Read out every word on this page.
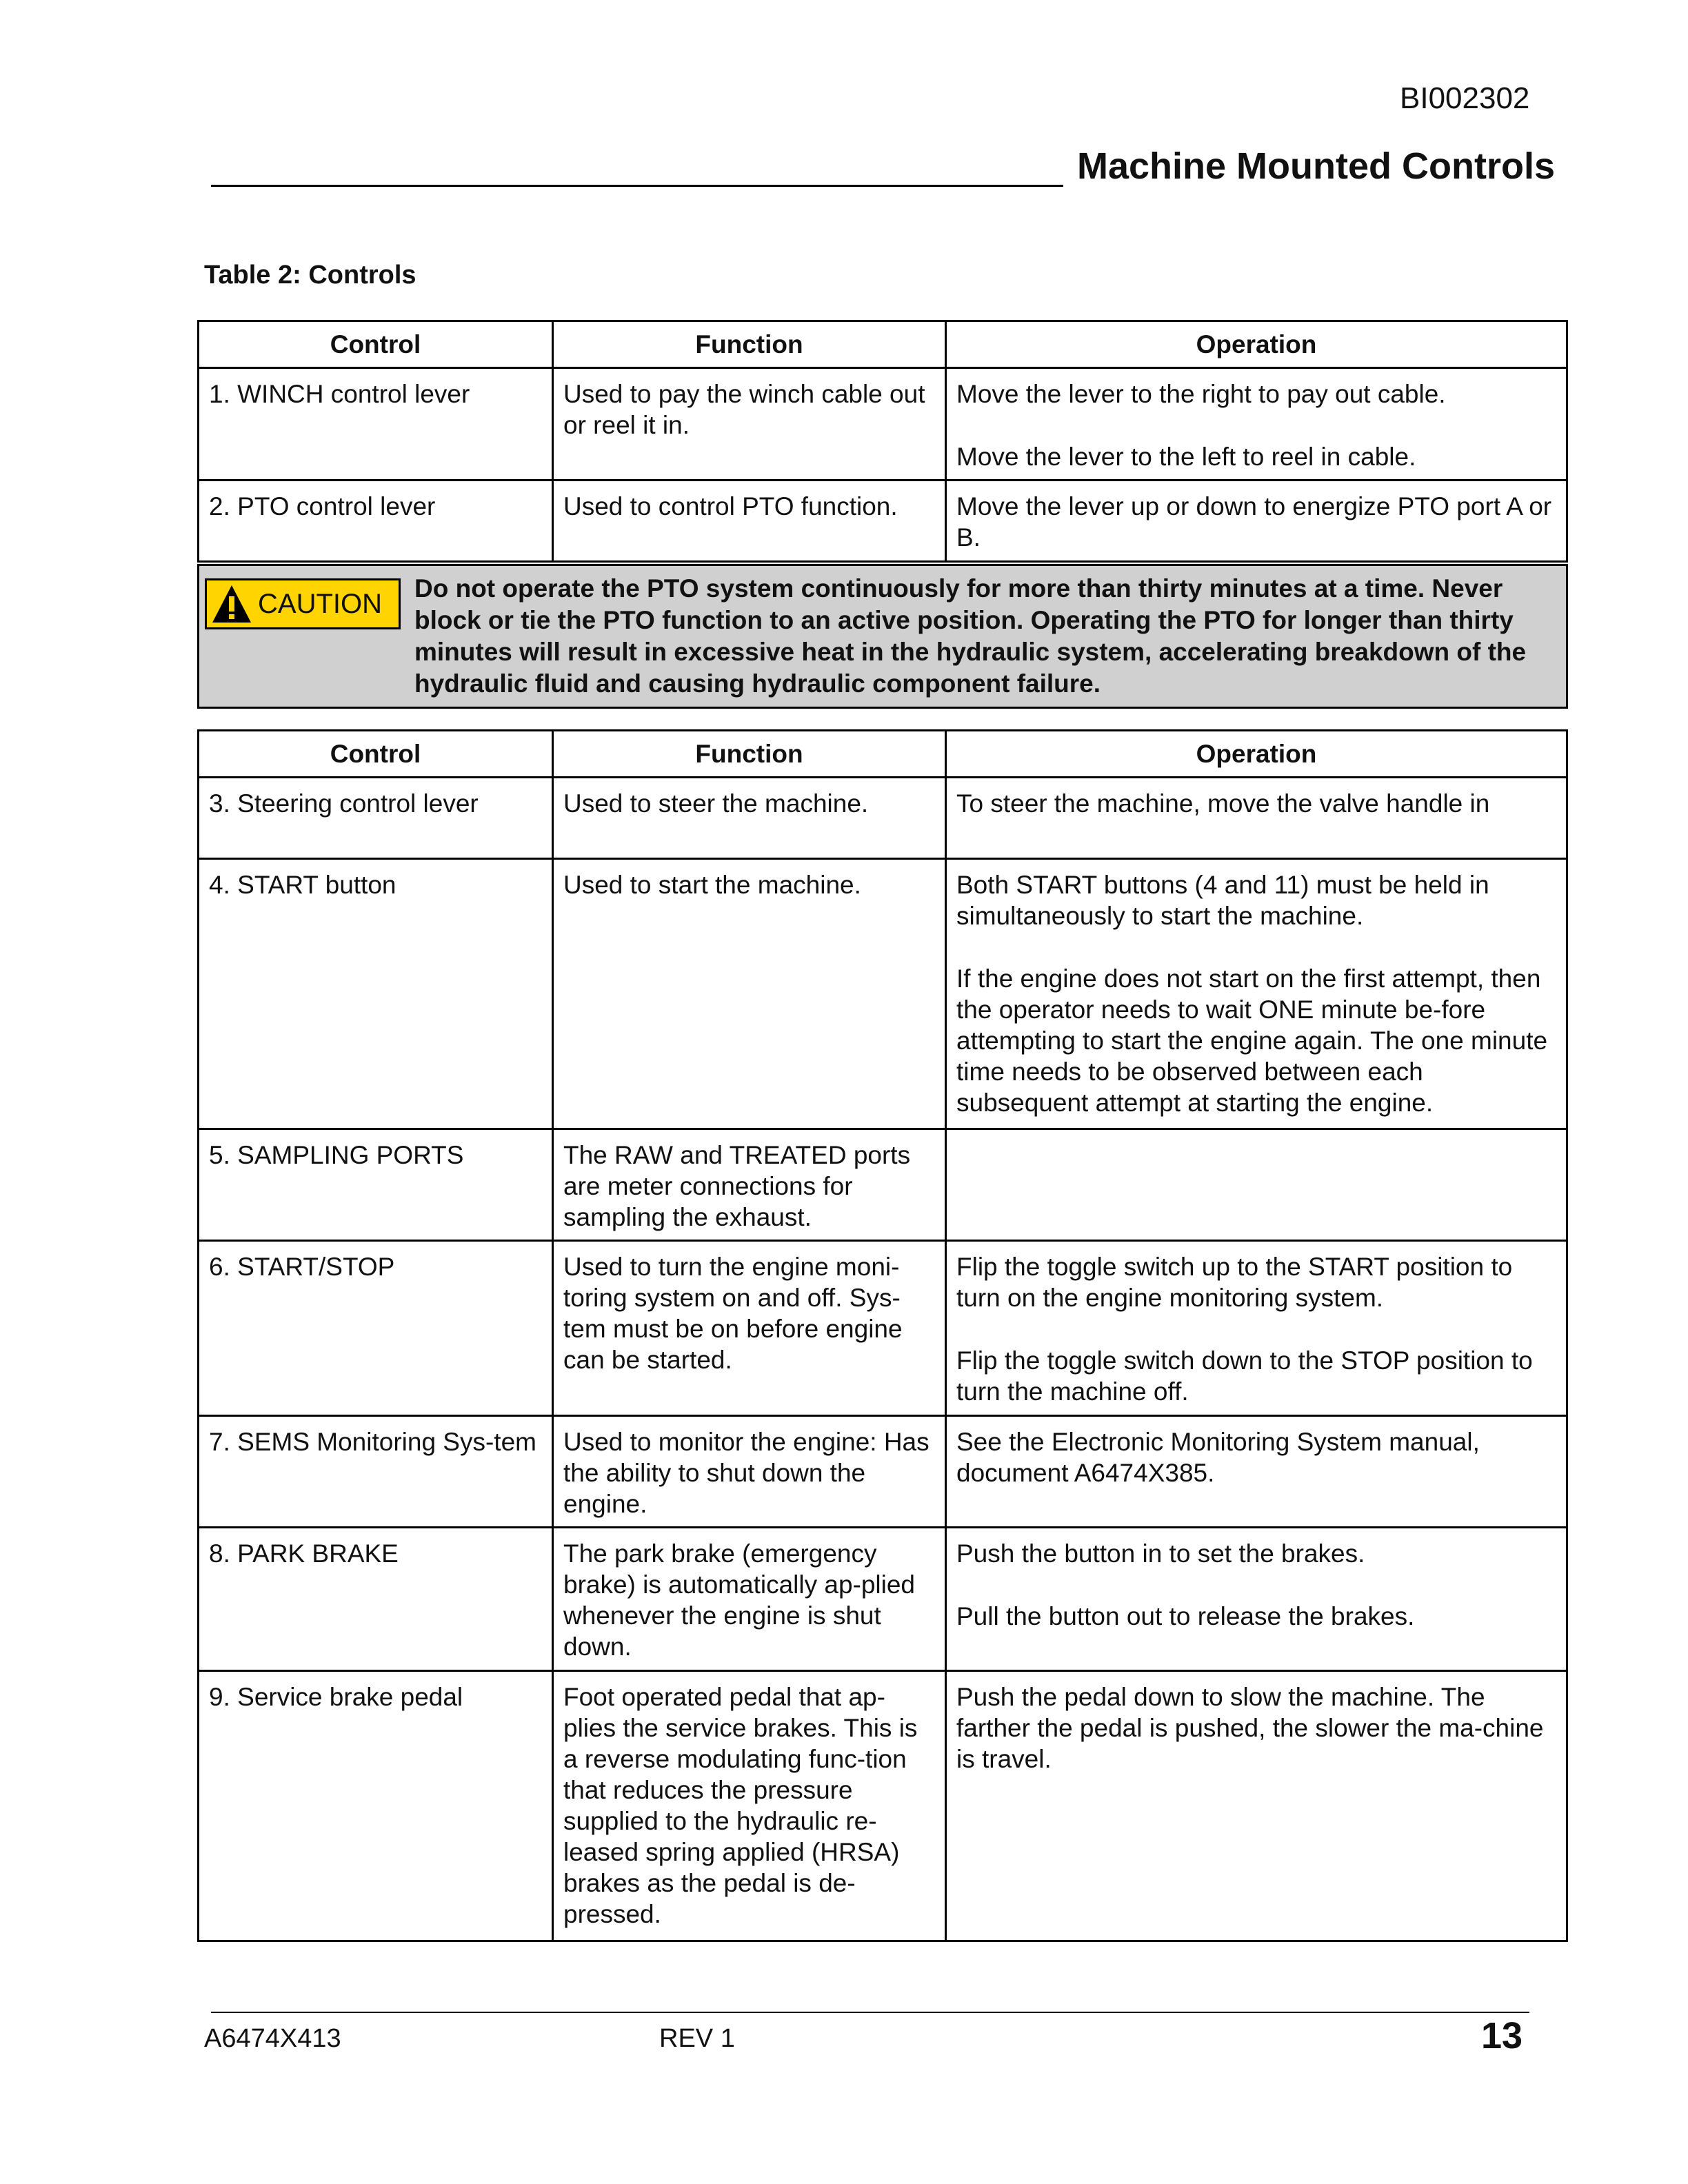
BI002302
Machine Mounted Controls
Table 2: Controls
Control	Function	Operation
1. WINCH control lever	Used to pay the winch cable out or reel it in.	Move the lever to the right to pay out cable.

Move the lever to the left to reel in cable.

2. PTO control lever	Used to control PTO function.	Move the lever up or down to energize PTO port A or B.

CAUTION Do not operate the PTO system continuously for more than thirty minutes at a time. Never block or tie the PTO function to an active position. Operating the PTO for longer than thirty minutes will result in excessive heat in the hydraulic system, accelerating breakdown of the hydraulic fluid and causing hydraulic component failure.
Control	Function	Operation
3. Steering control lever	Used to steer the machine.	To steer the machine, move the valve handle in

4. START button	Used to start the machine.	Both START buttons (4 and 11) must be held in simultaneously to start the machine.

If the engine does not start on the first attempt, then the operator needs to wait ONE minute be-fore attempting to start the engine again. The one minute time needs to be observed between each subsequent attempt at starting the engine.

5. SAMPLING PORTS	The RAW and TREATED ports are meter connections for sampling the exhaust.	
6. START/STOP	Used to turn the engine moni-toring system on and off. Sys-tem must be on before engine can be started.	Flip the toggle switch up to the START position to turn on the engine monitoring system.

Flip the toggle switch down to the STOP position to turn the machine off.

7. SEMS Monitoring Sys-tem	Used to monitor the engine: Has the ability to shut down the engine.	See the Electronic Monitoring System manual, document A6474X385.

8. PARK BRAKE	The park brake (emergency brake) is automatically ap-plied whenever the engine is shut down.	Push the button in to set the brakes.

Pull the button out to release the brakes.

9. Service brake pedal	Foot operated pedal that ap-plies the service brakes. This is a reverse modulating func-tion that reduces the pressure supplied to the hydraulic re-leased spring applied (HRSA) brakes as the pedal is de-pressed.	Push the pedal down to slow the machine. The farther the pedal is pushed, the slower the ma-chine is travel.

A6474X413	REV 1	13
